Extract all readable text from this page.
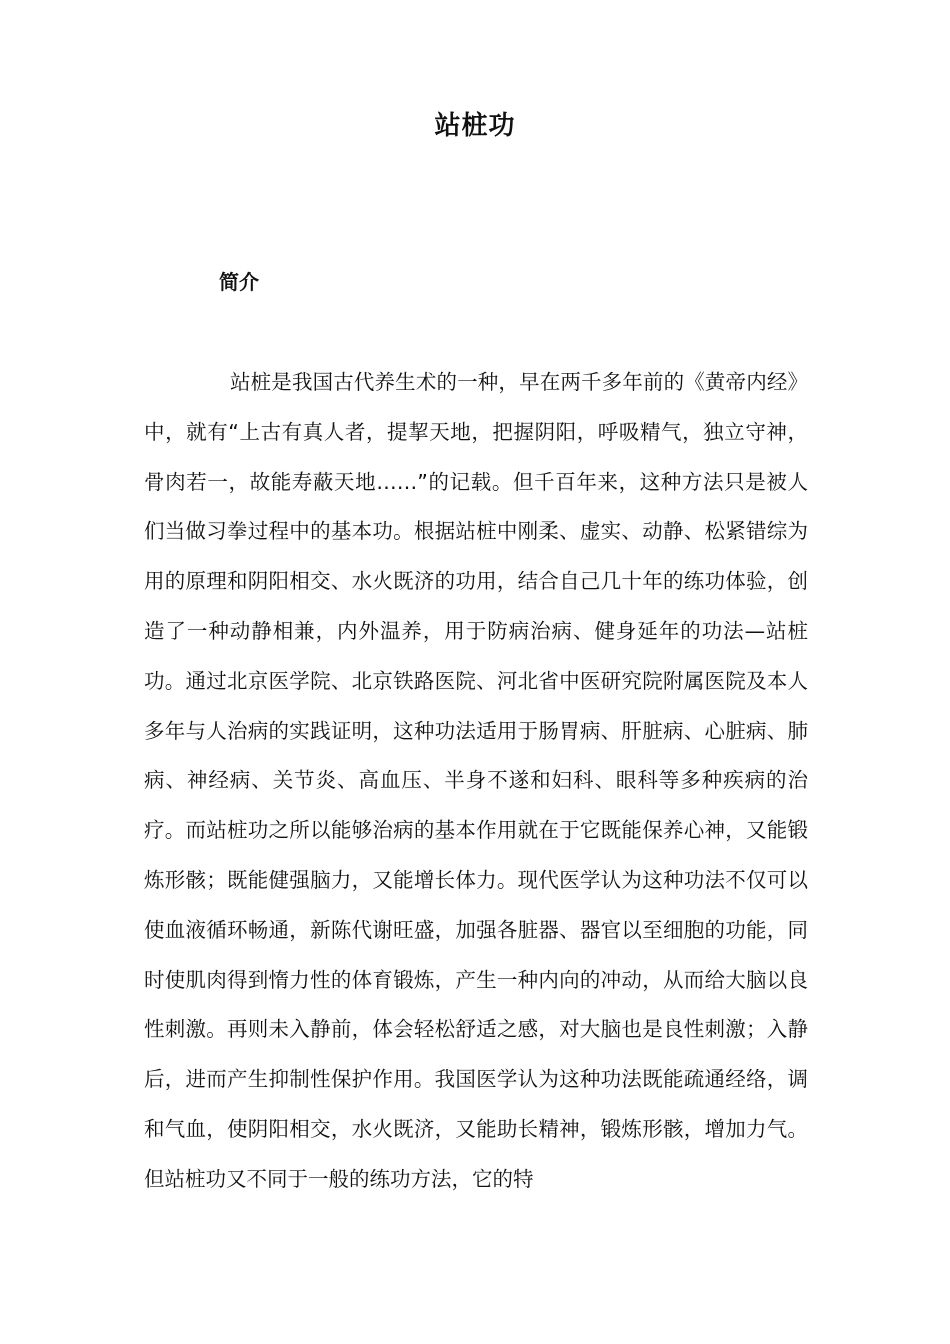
站桩功
简介

站桩是我国古代养生术的一种，早在两千多年前的《黄帝内经》中，就有“上古有真人者，提挈天地，把握阴阳，呼吸精气，独立守神，骨肉若一，故能寿蔽天地……”的记载。但千百年来，这种方法只是被人们当做习拳过程中的基本功。根据站桩中刚柔、虚实、动静、松紧错综为用的原理和阴阳相交、水火既济的功用，结合自己几十年的练功体验，创造了一种动静相兼，内外温养，用于防病治病、健身延年的功法—站桩功。通过北京医学院、北京铁路医院、河北省中医研究院附属医院及本人多年与人治病的实践证明，这种功法适用于肠胃病、肝脏病、心脏病、肺病、神经病、关节炎、高血压、半身不遂和妇科、眼科等多种疾病的治疗。而站桩功之所以能够治病的基本作用就在于它既能保养心神，又能锻炼形骸；既能健强脑力，又能增长体力。现代医学认为这种功法不仅可以使血液循环畅通，新陈代谢旺盛，加强各脏器、器官以至细胞的功能，同时使肌肉得到惰力性的体育锻炼，产生一种内向的冲动，从而给大脑以良性刺激。再则未入静前，体会轻松舒适之感，对大脑也是良性刺激；入静后，进而产生抑制性保护作用。我国医学认为这种功法既能疏通经络，调和气血，使阴阳相交，水火既济，又能助长精神，锻炼形骸，增加力气。但站桩功又不同于一般的练功方法，它的特
